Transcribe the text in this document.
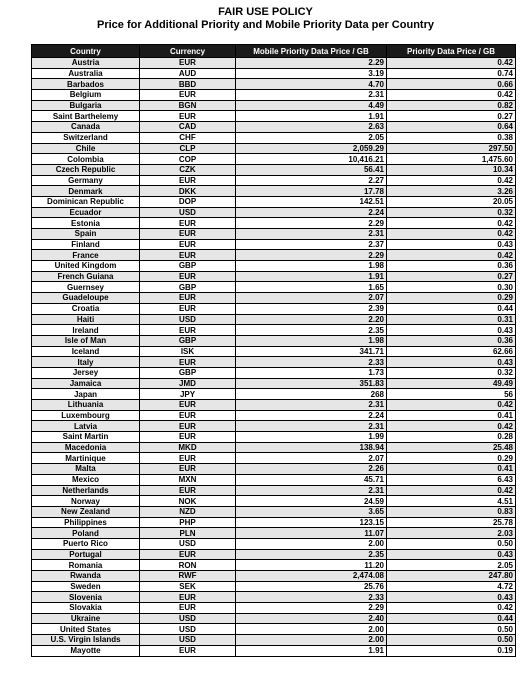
FAIR USE POLICY
Price for Additional Priority and Mobile Priority Data per Country
Country	Currency	Mobile Priority Data Price / GB	Priority Data Price / GB
Austria	EUR	2.29	0.42
Australia	AUD	3.19	0.74
Barbados	BBD	4.70	0.66
Belgium	EUR	2.31	0.42
Bulgaria	BGN	4.49	0.82
Saint Barthelemy	EUR	1.91	0.27
Canada	CAD	2.63	0.64
Switzerland	CHF	2.05	0.38
Chile	CLP	2,059.29	297.50
Colombia	COP	10,416.21	1,475.60
Czech Republic	CZK	56.41	10.34
Germany	EUR	2.27	0.42
Denmark	DKK	17.78	3.26
Dominican Republic	DOP	142.51	20.05
Ecuador	USD	2.24	0.32
Estonia	EUR	2.29	0.42
Spain	EUR	2.31	0.42
Finland	EUR	2.37	0.43
France	EUR	2.29	0.42
United Kingdom	GBP	1.98	0.36
French Guiana	EUR	1.91	0.27
Guernsey	GBP	1.65	0.30
Guadeloupe	EUR	2.07	0.29
Croatia	EUR	2.39	0.44
Haiti	USD	2.20	0.31
Ireland	EUR	2.35	0.43
Isle of Man	GBP	1.98	0.36
Iceland	ISK	341.71	62.66
Italy	EUR	2.33	0.43
Jersey	GBP	1.73	0.32
Jamaica	JMD	351.83	49.49
Japan	JPY	268	56
Lithuania	EUR	2.31	0.42
Luxembourg	EUR	2.24	0.41
Latvia	EUR	2.31	0.42
Saint Martin	EUR	1.99	0.28
Macedonia	MKD	138.94	25.48
Martinique	EUR	2.07	0.29
Malta	EUR	2.26	0.41
Mexico	MXN	45.71	6.43
Netherlands	EUR	2.31	0.42
Norway	NOK	24.59	4.51
New Zealand	NZD	3.65	0.83
Philippines	PHP	123.15	25.78
Poland	PLN	11.07	2.03
Puerto Rico	USD	2.00	0.50
Portugal	EUR	2.35	0.43
Romania	RON	11.20	2.05
Rwanda	RWF	2,474.08	247.80
Sweden	SEK	25.76	4.72
Slovenia	EUR	2.33	0.43
Slovakia	EUR	2.29	0.42
Ukraine	USD	2.40	0.44
United States	USD	2.00	0.50
U.S. Virgin Islands	USD	2.00	0.50
Mayotte	EUR	1.91	0.19
